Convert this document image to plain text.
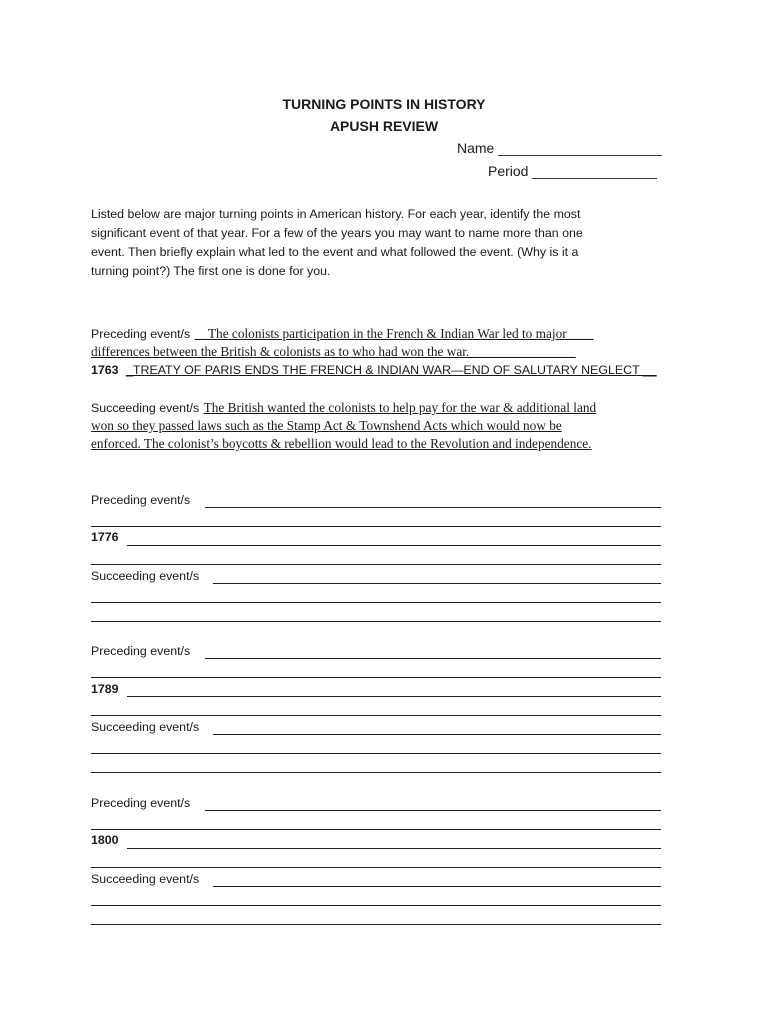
TURNING POINTS IN HISTORY
APUSH REVIEW
Name _____________________
Period ________________

Listed below are major turning points in American history. For each year, identify the most

significant event of that year. For a few of the years you may want to name more than one

event. Then briefly explain what led to the event and what followed the event. (Why is it a

turning point?) The first one is done for you.

Preceding event/s __The colonists participation in the French & Indian War led to major____
differences between the British & colonists as to who had won the war.________________
1763 _TREATY OF PARIS ENDS THE FRENCH & INDIAN WAR—END OF SALUTARY NEGLECT __
Succeeding event/s The British wanted the colonists to help pay for the war & additional land
won so they passed laws such as the Stamp Act & Townshend Acts which would now be
enforced. The colonist’s boycotts & rebellion would lead to the Revolution and independence.
Preceding event/s
1776
Succeeding event/s
Preceding event/s
1789
Succeeding event/s
Preceding event/s
1800
Succeeding event/s
